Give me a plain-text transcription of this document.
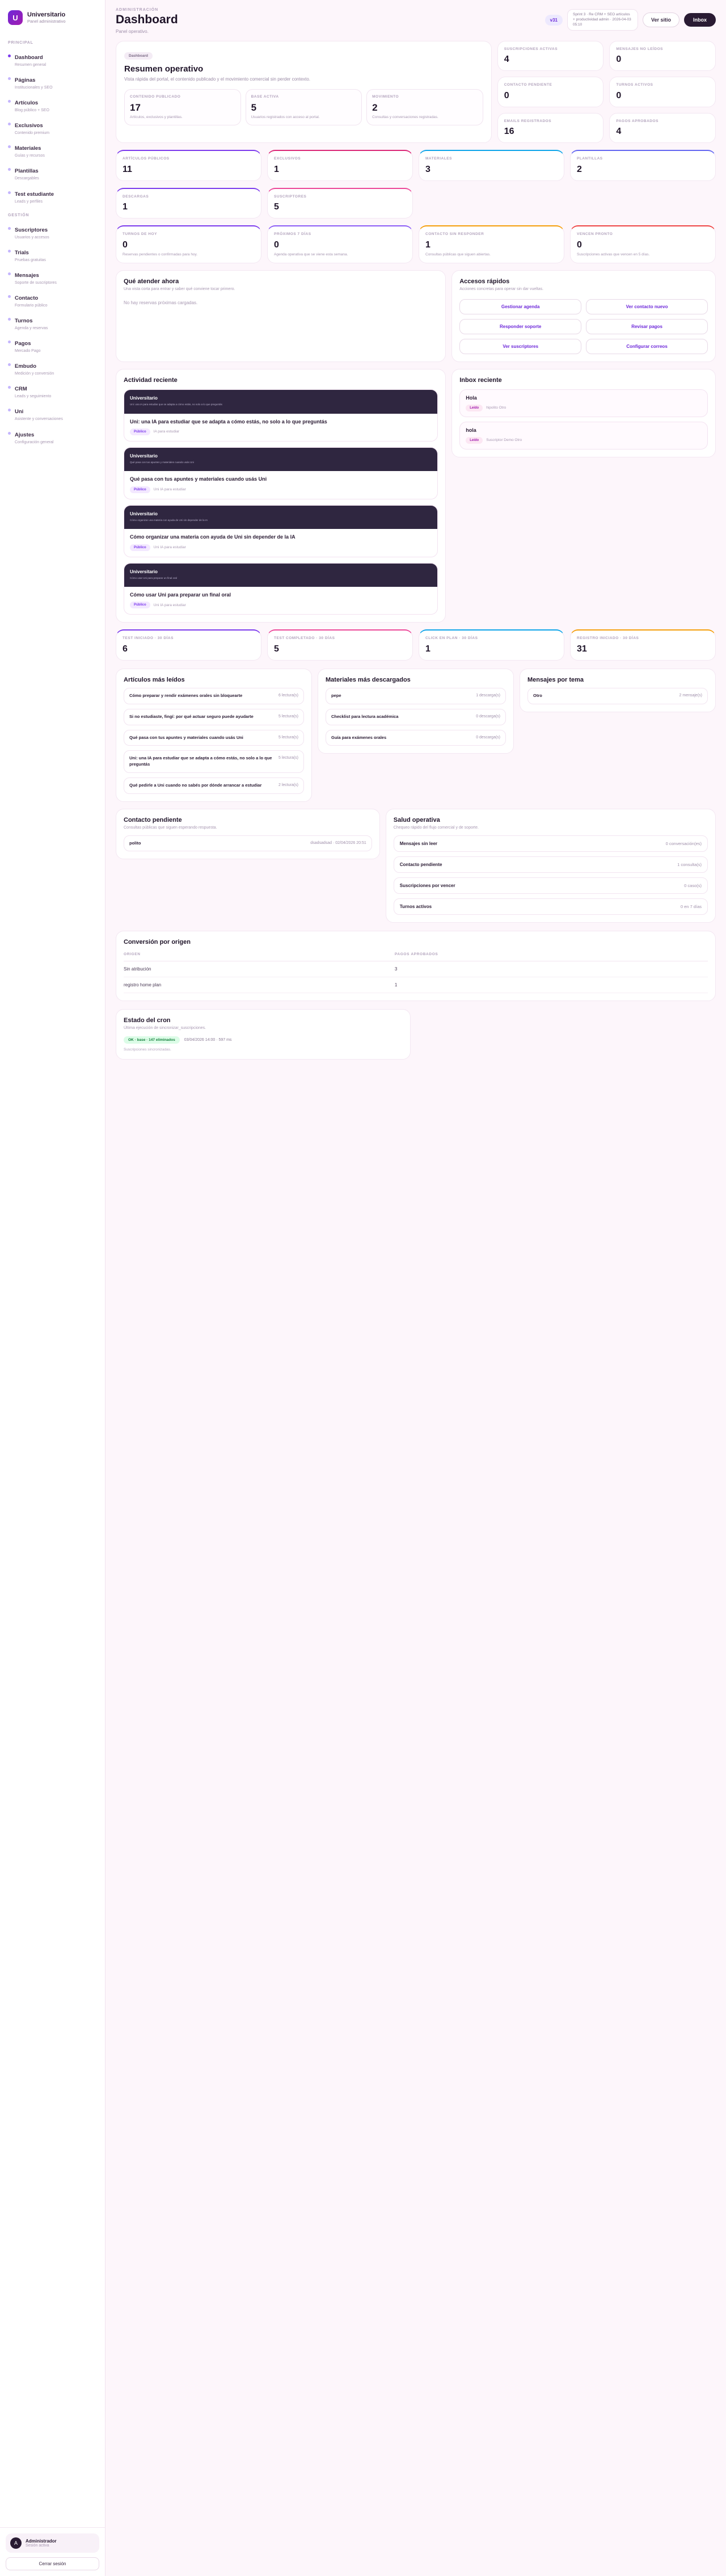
U	Universitario
Panel administrativo
PRINCIPAL
Dashboard
Resumen general
Páginas
Institucionales y SEO
Artículos
Blog público + SEO
Exclusivos
Contenido premium
Materiales
Guías y recursos
Plantillas
Descargables
Test estudiante
Leads y perfiles
GESTIÓN
Suscriptores
Usuarios y accesos
Trials
Pruebas gratuitas
Mensajes
Soporte de suscriptores
Contacto
Formulario público
Turnos
Agenda y reservas
Pagos
Mercado Pago
Embudo
Medición y conversión
CRM
Leads y seguimiento
Uni
Asistente y conversaciones
Ajustes
Configuración general
A	Administrador
Sesión activa
Cerrar sesión
ADMINISTRACIÓN
Dashboard
Panel operativo.
v31
Sprint 3 · Re CRM + SEO artículos + productividad admin · 2026-04-03 05:10
Ver sitio	Inbox
Dashboard
Resumen operativo

Vista rápida del portal, el contenido publicado y el movimiento comercial sin perder contexto.

CONTENIDO PUBLICADO
17
Artículos, exclusivos y plantillas.
BASE ACTIVA
5
Usuarios registrados con acceso al portal.
MOVIMIENTO
2
Consultas y conversaciones registradas.
SUSCRIPCIONES ACTIVAS
4
MENSAJES NO LEÍDOS
0
CONTACTO PENDIENTE
0
TURNOS ACTIVOS
0
EMAILS REGISTRADOS
16
PAGOS APROBADOS
4
ARTÍCULOS PÚBLICOS
11
EXCLUSIVOS
1
MATERIALES
3
PLANTILLAS
2
DESCARGAS
1
SUSCRIPTORES
5
TURNOS DE HOY
0
Reservas pendientes o confirmadas para hoy.
PRÓXIMOS 7 DÍAS
0
Agenda operativa que se viene esta semana.
CONTACTO SIN RESPONDER
1
Consultas públicas que siguen abiertas.
VENCEN PRONTO
0
Suscripciones activas que vencen en 5 días.
Qué atender ahora
Una vista corta para entrar y saber qué conviene tocar primero.
No hay reservas próximas cargadas.
Accesos rápidos
Acciones concretas para operar sin dar vueltas.
Gestionar agenda	Ver contacto nuevo
Responder soporte	Revisar pagos
Ver suscriptores	Configurar correos
Actividad reciente
Universitario
Uni: una IA para estudiar que se adapta a cómo estás, no solo a lo que preguntás
Uni: una IA para estudiar que se adapta a cómo estás, no solo a lo que preguntás
Público	IA para estudiar
Universitario
Qué pasa con tus apuntes y materiales cuando usás Uni
Qué pasa con tus apuntes y materiales cuando usás Uni
Público	Uni IA para estudiar
Universitario
Cómo organizar una materia con ayuda de Uni sin depender de la IA
Cómo organizar una materia con ayuda de Uni sin depender de la IA
Público	Uni IA para estudiar
Universitario
Cómo usar Uni para preparar un final oral
Cómo usar Uni para preparar un final oral
Público	Uni IA para estudiar
Inbox reciente
Hola
Leído	hipolito Otro
hola
Leído	Suscriptor Demo Otro
TEST INICIADO · 30 DÍAS
6
TEST COMPLETADO · 30 DÍAS
5
CLICK EN PLAN · 30 DÍAS
1
REGISTRO INICIADO · 30 DÍAS
31
Artículos más leídos
Cómo preparar y rendir exámenes orales sin bloquearte	6 lectura(s)
Si no estudiaste, fingí: por qué actuar seguro puede ayudarte	5 lectura(s)
Qué pasa con tus apuntes y materiales cuando usás Uni	5 lectura(s)
Uni: una IA para estudiar que se adapta a cómo estás, no solo a lo que preguntás
5 lectura(s)
Qué pedirle a Uni cuando no sabés por dónde arrancar a estudiar	2 lectura(s)
Materiales más descargados
pepe	1 descarga(s)
Checklist para lectura académica	0 descarga(s)
Guía para exámenes orales	0 descarga(s)
Mensajes por tema
Otro	2 mensaje(s)
Contacto pendiente
Consultas públicas que siguen esperando respuesta.
polito	dsadsadsad · 02/04/2026 20:51
Salud operativa
Chequeo rápido del flujo comercial y de soporte.
Mensajes sin leer	0 conversación(es)
Contacto pendiente	1 consulta(s)
Suscripciones por vencer	0 caso(s)
Turnos activos	0 en 7 días
Conversión por origen
ORIGEN	PAGOS APROBADOS
Sin atribución	3
registro home plan	1
Estado del cron
Última ejecución de sincronizar_suscripciones.
OK · base · 147 eliminados	03/04/2026 14:00 · 597 ms
Suscripciones sincronizadas.
